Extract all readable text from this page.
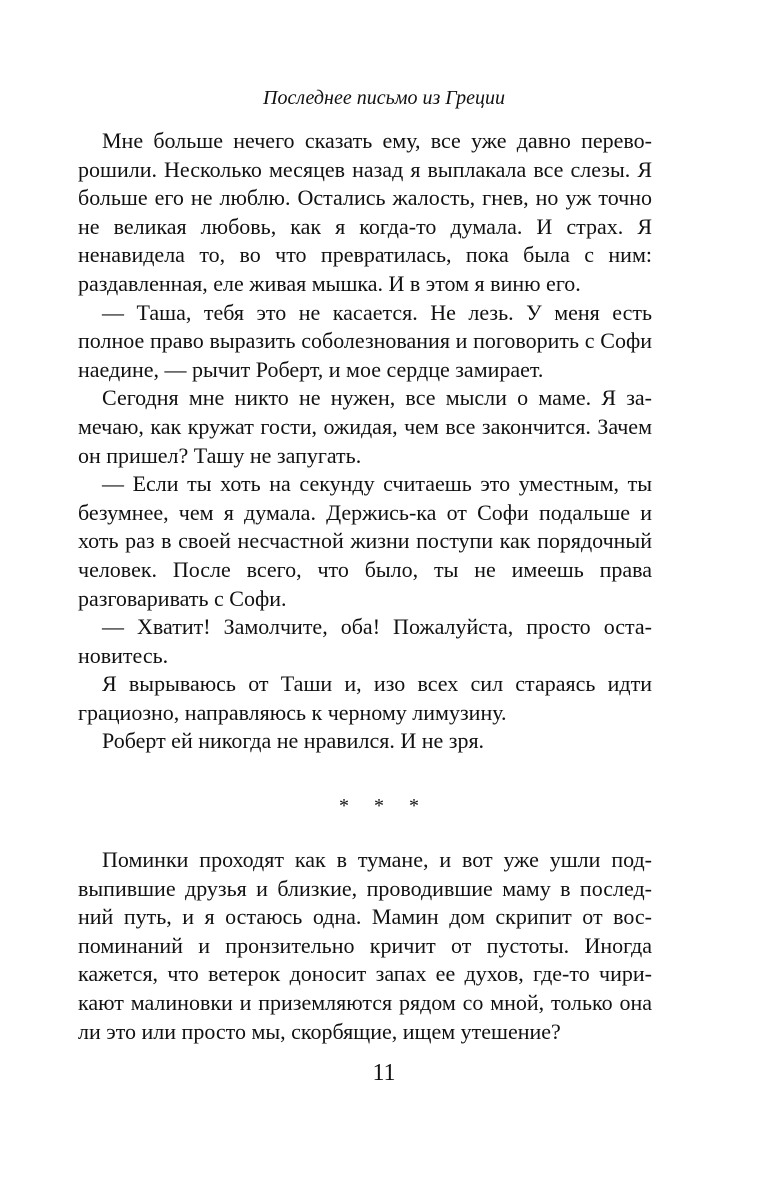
Последнее письмо из Греции

Мне больше нечего сказать ему, все уже давно переворошили. Несколько месяцев назад я выплакала все слезы. Я больше его не люблю. Остались жалость, гнев, но уж точно не великая любовь, как я когда-то думала. И страх. Я ненавидела то, во что превратилась, пока была с ним: раздавленная, еле живая мышка. И в этом я виню его.

— Таша, тебя это не касается. Не лезь. У меня есть полное право выразить соболезнования и поговорить с Софи наедине, — рычит Роберт, и мое сердце замирает.

Сегодня мне никто не нужен, все мысли о маме. Я замечаю, как кружат гости, ожидая, чем все закончится. Зачем он пришел? Ташу не запугать.

— Если ты хоть на секунду считаешь это уместным, ты безумнее, чем я думала. Держись-ка от Софи подальше и хоть раз в своей несчастной жизни поступи как порядочный человек. После всего, что было, ты не имеешь права разговаривать с Софи.

— Хватит! Замолчите, оба! Пожалуйста, просто остановитесь.

Я вырываюсь от Таши и, изо всех сил стараясь идти грациозно, направляюсь к черному лимузину.

Роберт ей никогда не нравился. И не зря.

* * *

Поминки проходят как в тумане, и вот уже ушли подвыпившие друзья и близкие, проводившие маму в последний путь, и я остаюсь одна. Мамин дом скрипит от воспоминаний и пронзительно кричит от пустоты. Иногда кажется, что ветерок доносит запах ее духов, где-то чирикают малиновки и приземляются рядом со мной, только она ли это или просто мы, скорбящие, ищем утешение?

11
